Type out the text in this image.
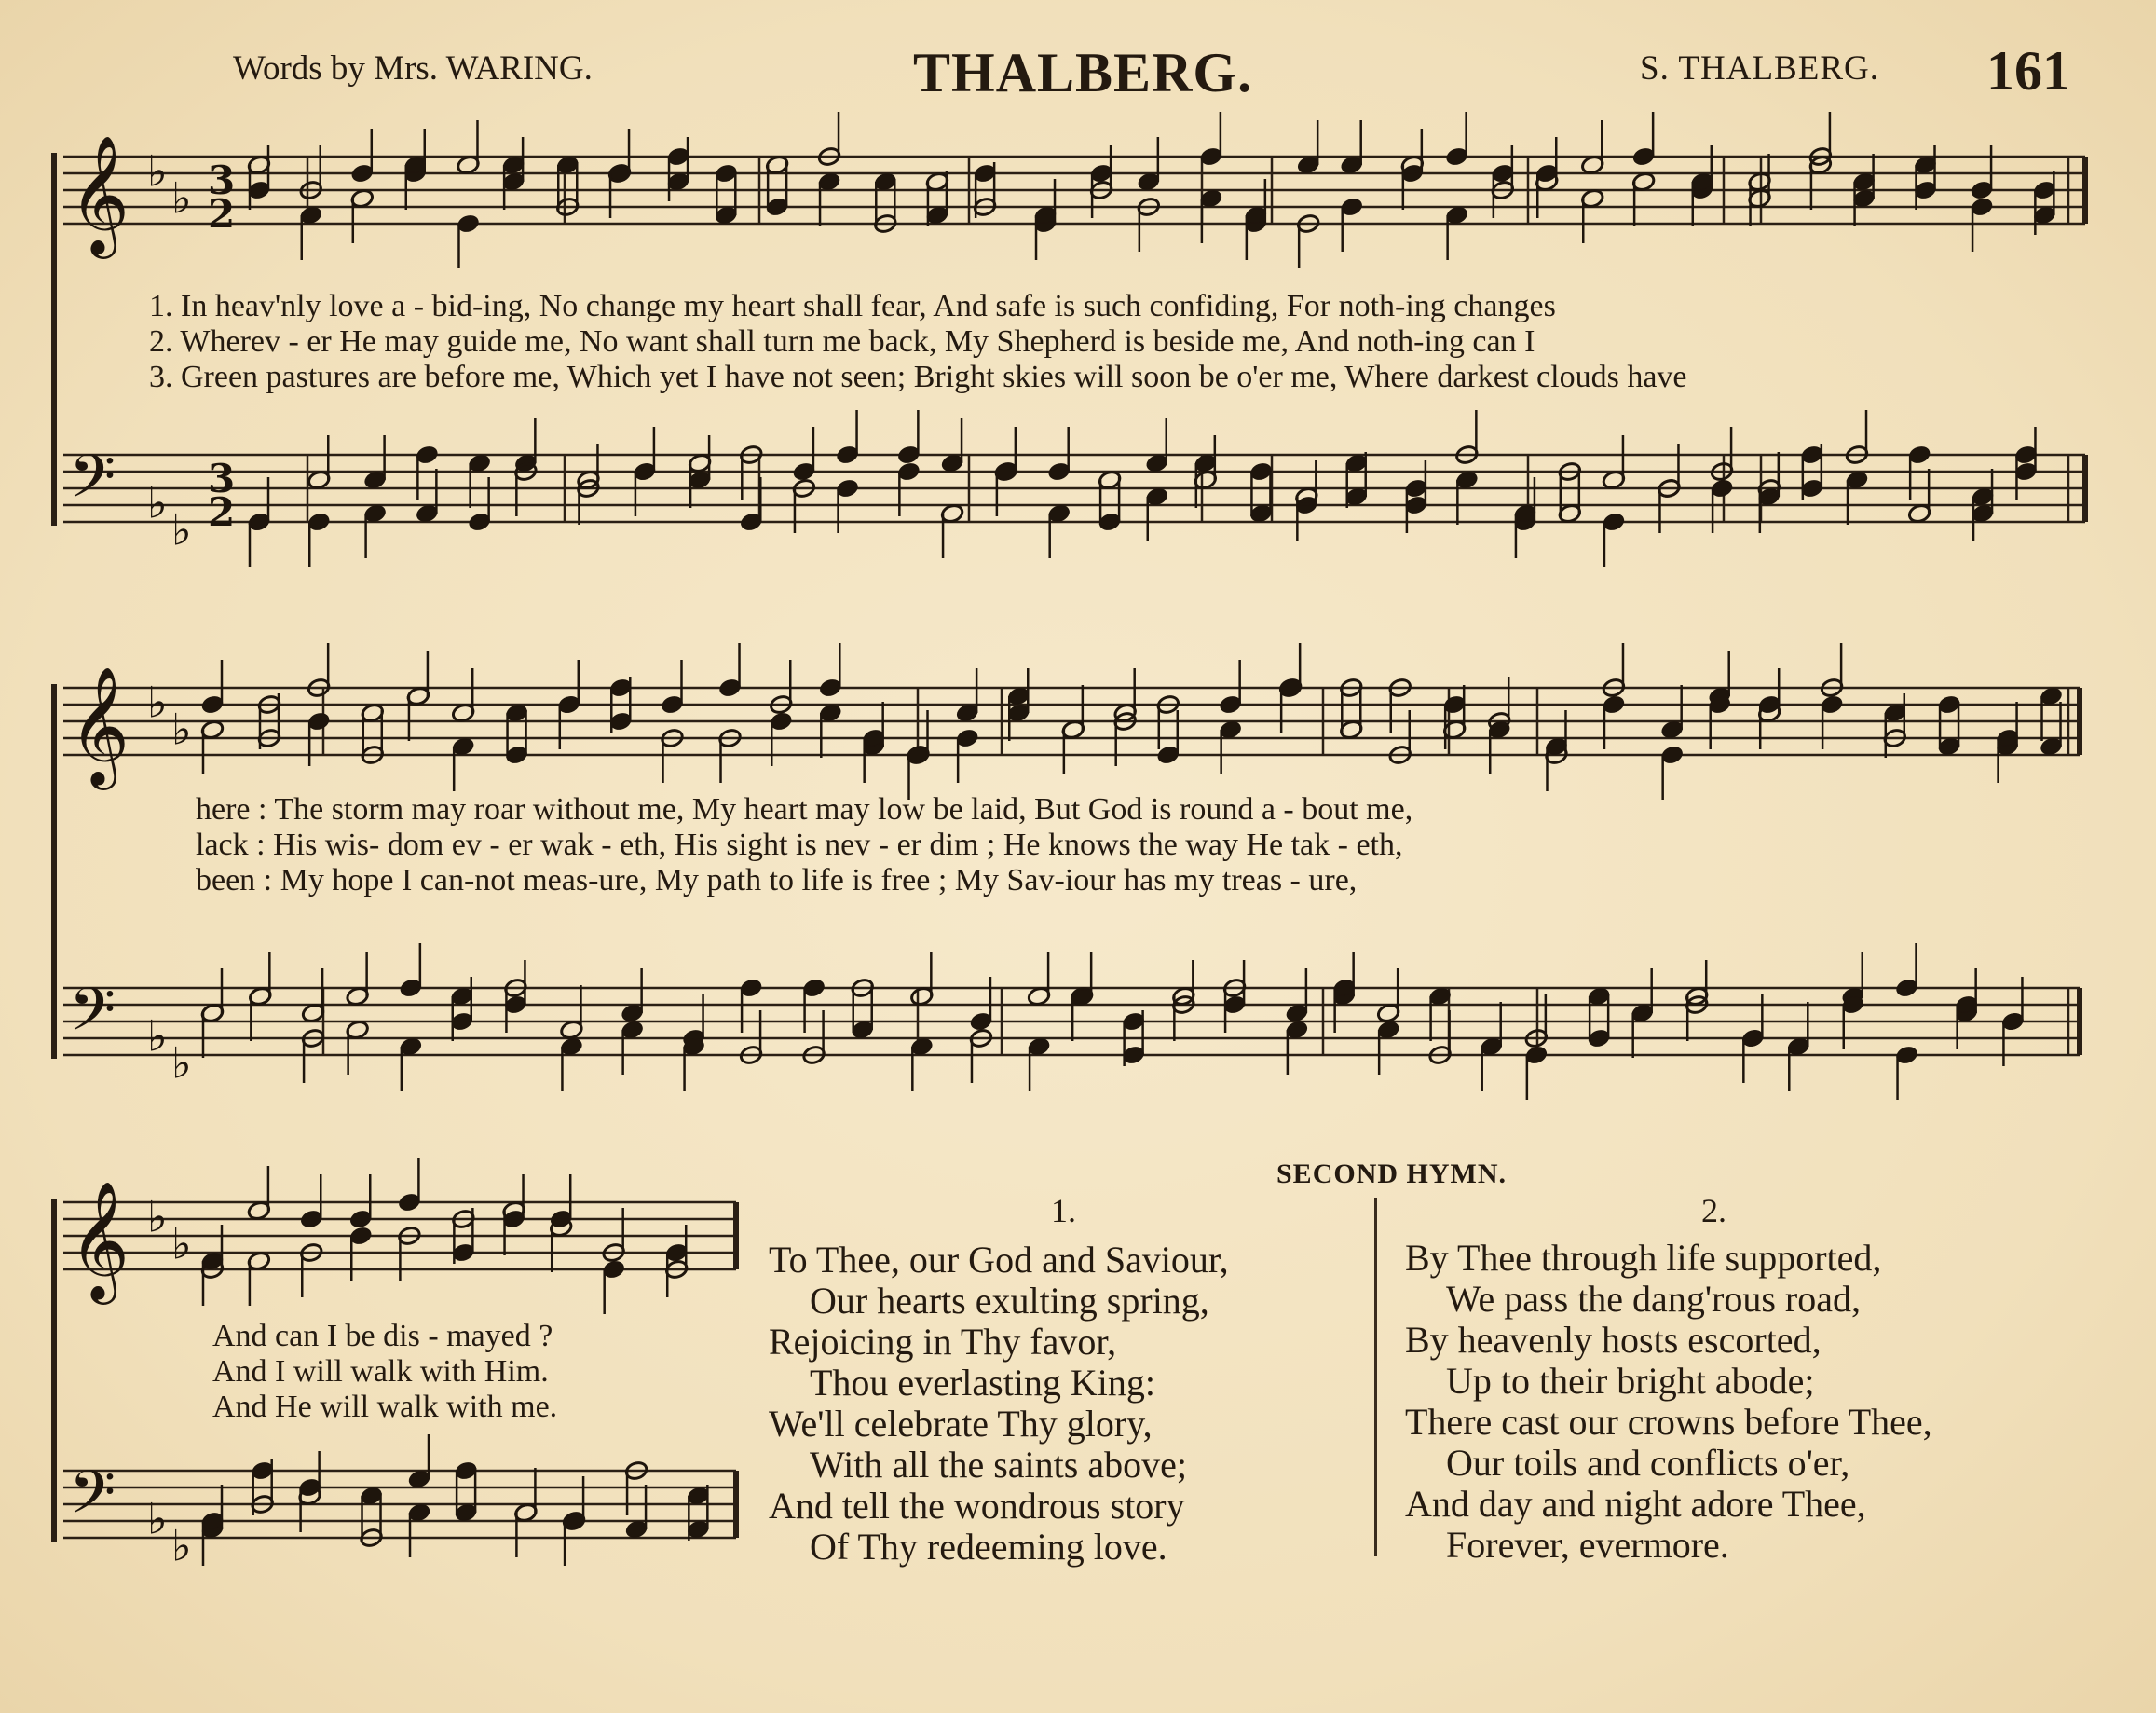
Words by Mrs. WARING.	THALBERG.	S. THALBERG. 161
𝄞 ♭
♭ 3
2
𝄢 ♭
♭
3
2
𝄞 ♭
♭
𝄢 ♭
♭
𝄞 ♭
♭
𝄢 ♭
♭
1. In heav'nly love a - bid-ing, No change my heart shall fear, And safe is such confiding, For noth-ing changes
2. Wherev - er He may guide me, No want shall turn me back, My Shepherd is beside me, And noth-ing can I
3. Green pastures are before me, Which yet I have not seen; Bright skies will soon be o'er me, Where darkest clouds have
here : The storm may roar without me, My heart may low be laid, But God is round a - bout me,
lack : His wis- dom ev - er wak - eth, His sight is nev - er dim ; He knows the way He tak - eth,
been : My hope I can-not meas-ure, My path to life is free ; My Sav-iour has my treas - ure,
And can I be dis - mayed ?
And I will walk with Him.
And He will walk with me.
SECOND HYMN.
1.	2.
To Thee, our God and Saviour,
Our hearts exulting spring,
Rejoicing in Thy favor,
Thou everlasting King:
We'll celebrate Thy glory,
With all the saints above;
And tell the wondrous story
Of Thy redeeming love.
By Thee through life supported,
We pass the dang'rous road,
By heavenly hosts escorted,
Up to their bright abode;
There cast our crowns before Thee,
Our toils and conflicts o'er,
And day and night adore Thee,
Forever, evermore.
